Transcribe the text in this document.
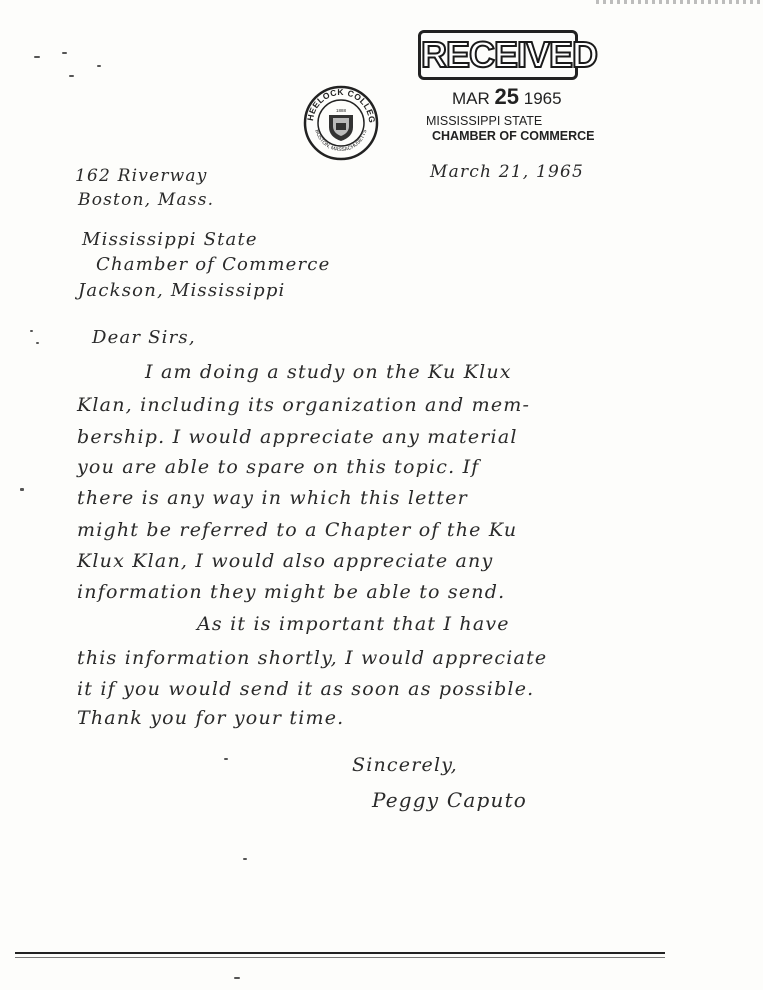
HEELOCK COLLEG
BOSTON, MASSACHUSETTS
1888
RECEIVED
MAR 25 1965
MISSISSIPPI STATE
CHAMBER OF COMMERCE
162 Riverway
Boston, Mass.
March 21, 1965
Mississippi State
Chamber of Commerce
Jackson, Mississippi
Dear Sirs,
I am doing a study on the Ku Klux
Klan, including its organization and mem-
bership. I would appreciate any material
you are able to spare on this topic. If
there is any way in which this letter
might be referred to a Chapter of the Ku
Klux Klan, I would also appreciate any
information they might be able to send.
As it is important that I have
this information shortly, I would appreciate
it if you would send it as soon as possible.
Thank you for your time.
Sincerely,
Peggy Caputo
